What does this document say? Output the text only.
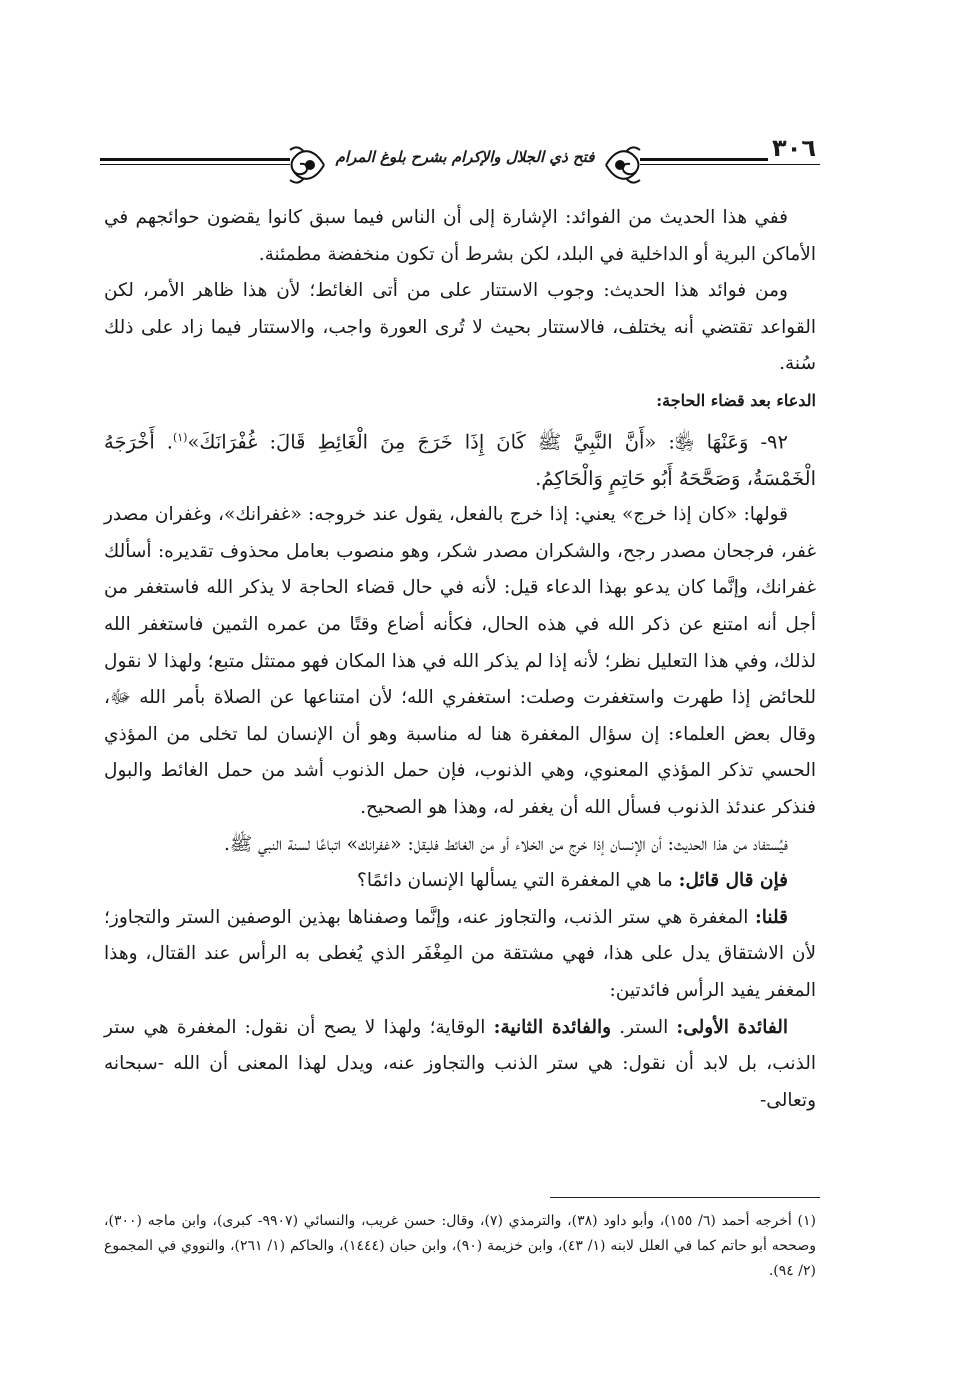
فتح ذي الجلال والإكرام بشرح بلوغ المرام	٣٠٦

ففي هذا الحديث من الفوائد: الإشارة إلى أن الناس فيما سبق كانوا يقضون حوائجهم في الأماكن البرية أو الداخلية في البلد، لكن بشرط أن تكون منخفضة مطمئنة.

ومن فوائد هذا الحديث: وجوب الاستتار على من أتى الغائط؛ لأن هذا ظاهر الأمر، لكن القواعد تقتضي أنه يختلف، فالاستتار بحيث لا تُرى العورة واجب، والاستتار فيما زاد على ذلك سُنة.

الدعاء بعد قضاء الحاجة:

٩٢- وَعَنْهَا ﵂: «أَنَّ النَّبِيَّ ﷺ كَانَ إِذَا خَرَجَ مِنَ الْغَائِطِ قَالَ: غُفْرَانَكَ»$^{(١)}$. أَخْرَجَهُ الْخَمْسَةُ، وَصَحَّحَهُ أَبُو حَاتِمٍ وَالْحَاكِمُ.

قولها: «كان إذا خرج» يعني: إذا خرج بالفعل، يقول عند خروجه: «غفرانك»، وغفران مصدر غفر، فرجحان مصدر رجح، والشكران مصدر شكر، وهو منصوب بعامل محذوف تقديره: أسألك غفرانك، وإنَّما كان يدعو بهذا الدعاء قيل: لأنه في حال قضاء الحاجة لا يذكر الله فاستغفر من أجل أنه امتنع عن ذكر الله في هذه الحال، فكأنه أضاع وقتًا من عمره الثمين فاستغفر الله لذلك، وفي هذا التعليل نظر؛ لأنه إذا لم يذكر الله في هذا المكان فهو ممتثل متبع؛ ولهذا لا نقول للحائض إذا طهرت واستغفرت وصلت: استغفري الله؛ لأن امتناعها عن الصلاة بأمر الله ﷻ، وقال بعض العلماء: إن سؤال المغفرة هنا له مناسبة وهو أن الإنسان لما تخلى من المؤذي الحسي تذكر المؤذي المعنوي، وهي الذنوب، فإن حمل الذنوب أشد من حمل الغائط والبول فنذكر عندئذ الذنوب فسأل الله أن يغفر له، وهذا هو الصحيح.

فيُستفاد من هذا الحديث: أن الإنسان إذا خرج من الخلاء أو من الغائط فليقل: «غفرانك» اتباعًا لسنة النبي ﷺ.

فإن قال قائل: ما هي المغفرة التي يسألها الإنسان دائمًا؟

قلنا: المغفرة هي ستر الذنب، والتجاوز عنه، وإنَّما وصفناها بهذين الوصفين الستر والتجاوز؛ لأن الاشتقاق يدل على هذا، فهي مشتقة من المِغْفَر الذي يُغطى به الرأس عند القتال، وهذا المغفر يفيد الرأس فائدتين:

الفائدة الأولى: الستر. والفائدة الثانية: الوقاية؛ ولهذا لا يصح أن نقول: المغفرة هي ستر الذنب، بل لابد أن نقول: هي ستر الذنب والتجاوز عنه، ويدل لهذا المعنى أن الله -سبحانه وتعالى-

(١) أخرجه أحمد (٦/ ١٥٥)، وأبو داود (٣٨)، والترمذي (٧)، وقال: حسن غريب، والنسائي (٩٩٠٧- كبرى)، وابن ماجه (٣٠٠)، وصححه أبو حاتم كما في العلل لابنه (١/ ٤٣)، وابن خزيمة (٩٠)، وابن حبان (١٤٤٤)، والحاكم (١/ ٢٦١)، والنووي في المجموع (٢/ ٩٤).
